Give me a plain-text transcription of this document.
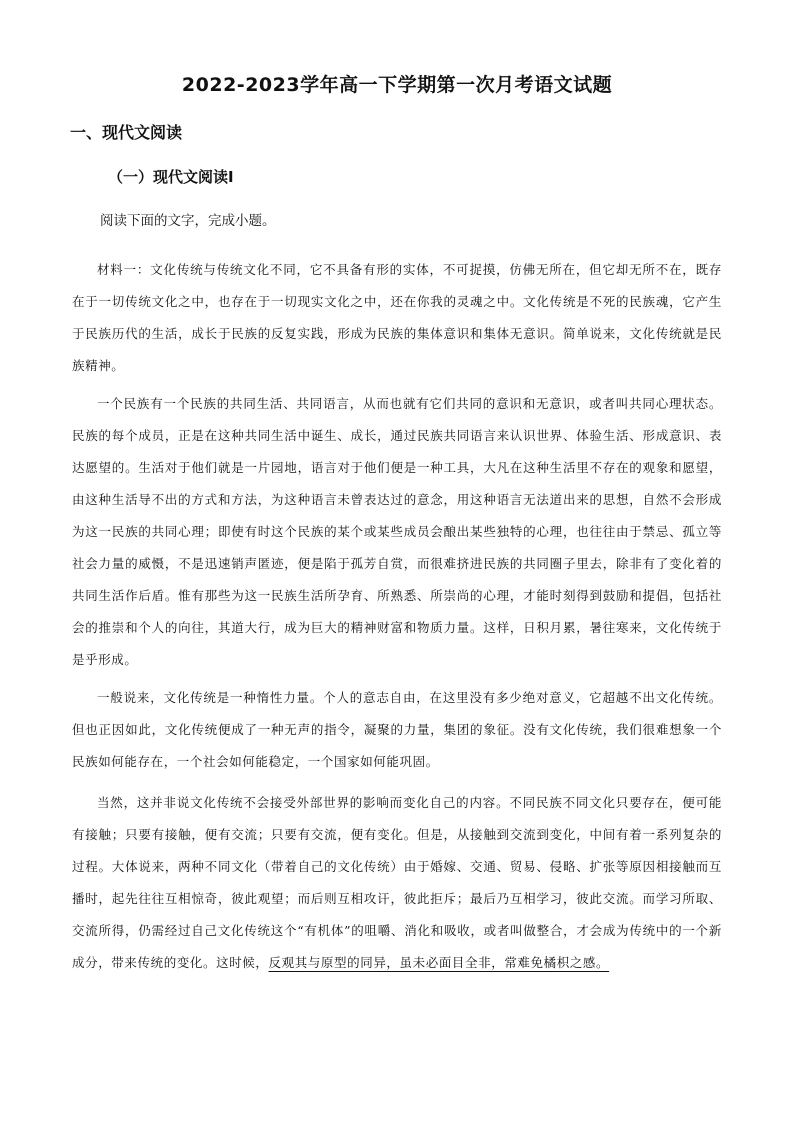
2022-2023学年高一下学期第一次月考语文试题
一、现代文阅读
（一）现代文阅读Ⅰ
阅读下面的文字，完成小题。
材料一：文化传统与传统文化不同，它不具备有形的实体，不可捉摸，仿佛无所在，但它却无所不在，既存在于一切传统文化之中，也存在于一切现实文化之中，还在你我的灵魂之中。文化传统是不死的民族魂，它产生于民族历代的生活，成长于民族的反复实践，形成为民族的集体意识和集体无意识。简单说来，文化传统就是民族精神。
一个民族有一个民族的共同生活、共同语言，从而也就有它们共同的意识和无意识，或者叫共同心理状态。民族的每个成员，正是在这种共同生活中诞生、成长，通过民族共同语言来认识世界、体验生活、形成意识、表达愿望的。生活对于他们就是一片园地，语言对于他们便是一种工具，大凡在这种生活里不存在的观象和愿望，由这种生活导不出的方式和方法，为这种语言未曾表达过的意念，用这种语言无法道出来的思想，自然不会形成为这一民族的共同心理；即使有时这个民族的某个或某些成员会酿出某些独特的心理，也往往由于禁忌、孤立等社会力量的威慑，不是迅速销声匿迹，便是陷于孤芳自赏，而很难挤进民族的共同圈子里去，除非有了变化着的共同生活作后盾。惟有那些为这一民族生活所孕育、所熟悉、所崇尚的心理，才能时刻得到鼓励和提倡，包括社会的推崇和个人的向往，其道大行，成为巨大的精神财富和物质力量。这样，日积月累，暑往寒来，文化传统于是乎形成。
一般说来，文化传统是一种惰性力量。个人的意志自由，在这里没有多少绝对意义，它超越不出文化传统。但也正因如此，文化传统便成了一种无声的指令，凝聚的力量，集团的象征。没有文化传统，我们很难想象一个民族如何能存在，一个社会如何能稳定，一个国家如何能巩固。
当然，这并非说文化传统不会接受外部世界的影响而变化自己的内容。不同民族不同文化只要存在，便可能有接触；只要有接触，便有交流；只要有交流，便有变化。但是，从接触到交流到变化，中间有着一系列复杂的过程。大体说来，两种不同文化（带着自己的文化传统）由于婚嫁、交通、贸易、侵略、扩张等原因相接触而互播时，起先往往互相惊奇，彼此观望；而后则互相攻讦，彼此拒斥；最后乃互相学习，彼此交流。而学习所取、交流所得，仍需经过自己文化传统这个“有机体”的咀嚼、消化和吸收，或者叫做整合，才会成为传统中的一个新成分，带来传统的变化。这时候，反观其与原型的同异，虽未必面目全非，常难免橘枳之感。
